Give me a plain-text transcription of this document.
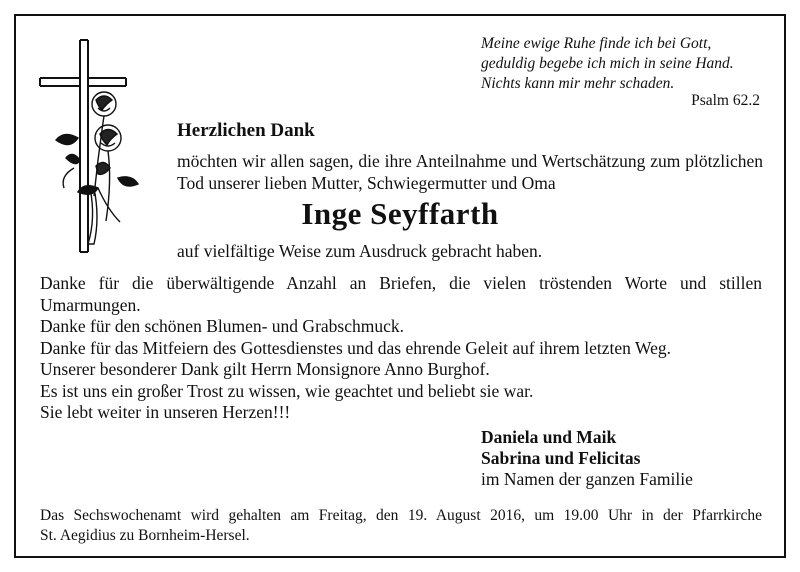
Meine ewige Ruhe finde ich bei Gott,
geduldig begebe ich mich in seine Hand.
Nichts kann mir mehr schaden.
Psalm 62.2
Herzlichen Dank
möchten wir allen sagen, die ihre Anteilnahme und Wertschätzung zum plötzlichen Tod unserer lieben Mutter, Schwiegermutter und Oma
Inge Seyffarth
auf vielfältige Weise zum Ausdruck gebracht haben.
Danke für die überwältigende Anzahl an Briefen, die vielen tröstenden Worte und stillen
Umarmungen.
Danke für den schönen Blumen- und Grabschmuck.
Danke für das Mitfeiern des Gottesdienstes und das ehrende Geleit auf ihrem letzten Weg.
Unserer besonderer Dank gilt Herrn Monsignore Anno Burghof.
Es ist uns ein großer Trost zu wissen, wie geachtet und beliebt sie war.
Sie lebt weiter in unseren Herzen!!!
Daniela und Maik
Sabrina und Felicitas
im Namen der ganzen Familie
Das Sechswochenamt wird gehalten am Freitag, den 19. August 2016, um 19.00 Uhr in der Pfarrkirche
St. Aegidius zu Bornheim-Hersel.
